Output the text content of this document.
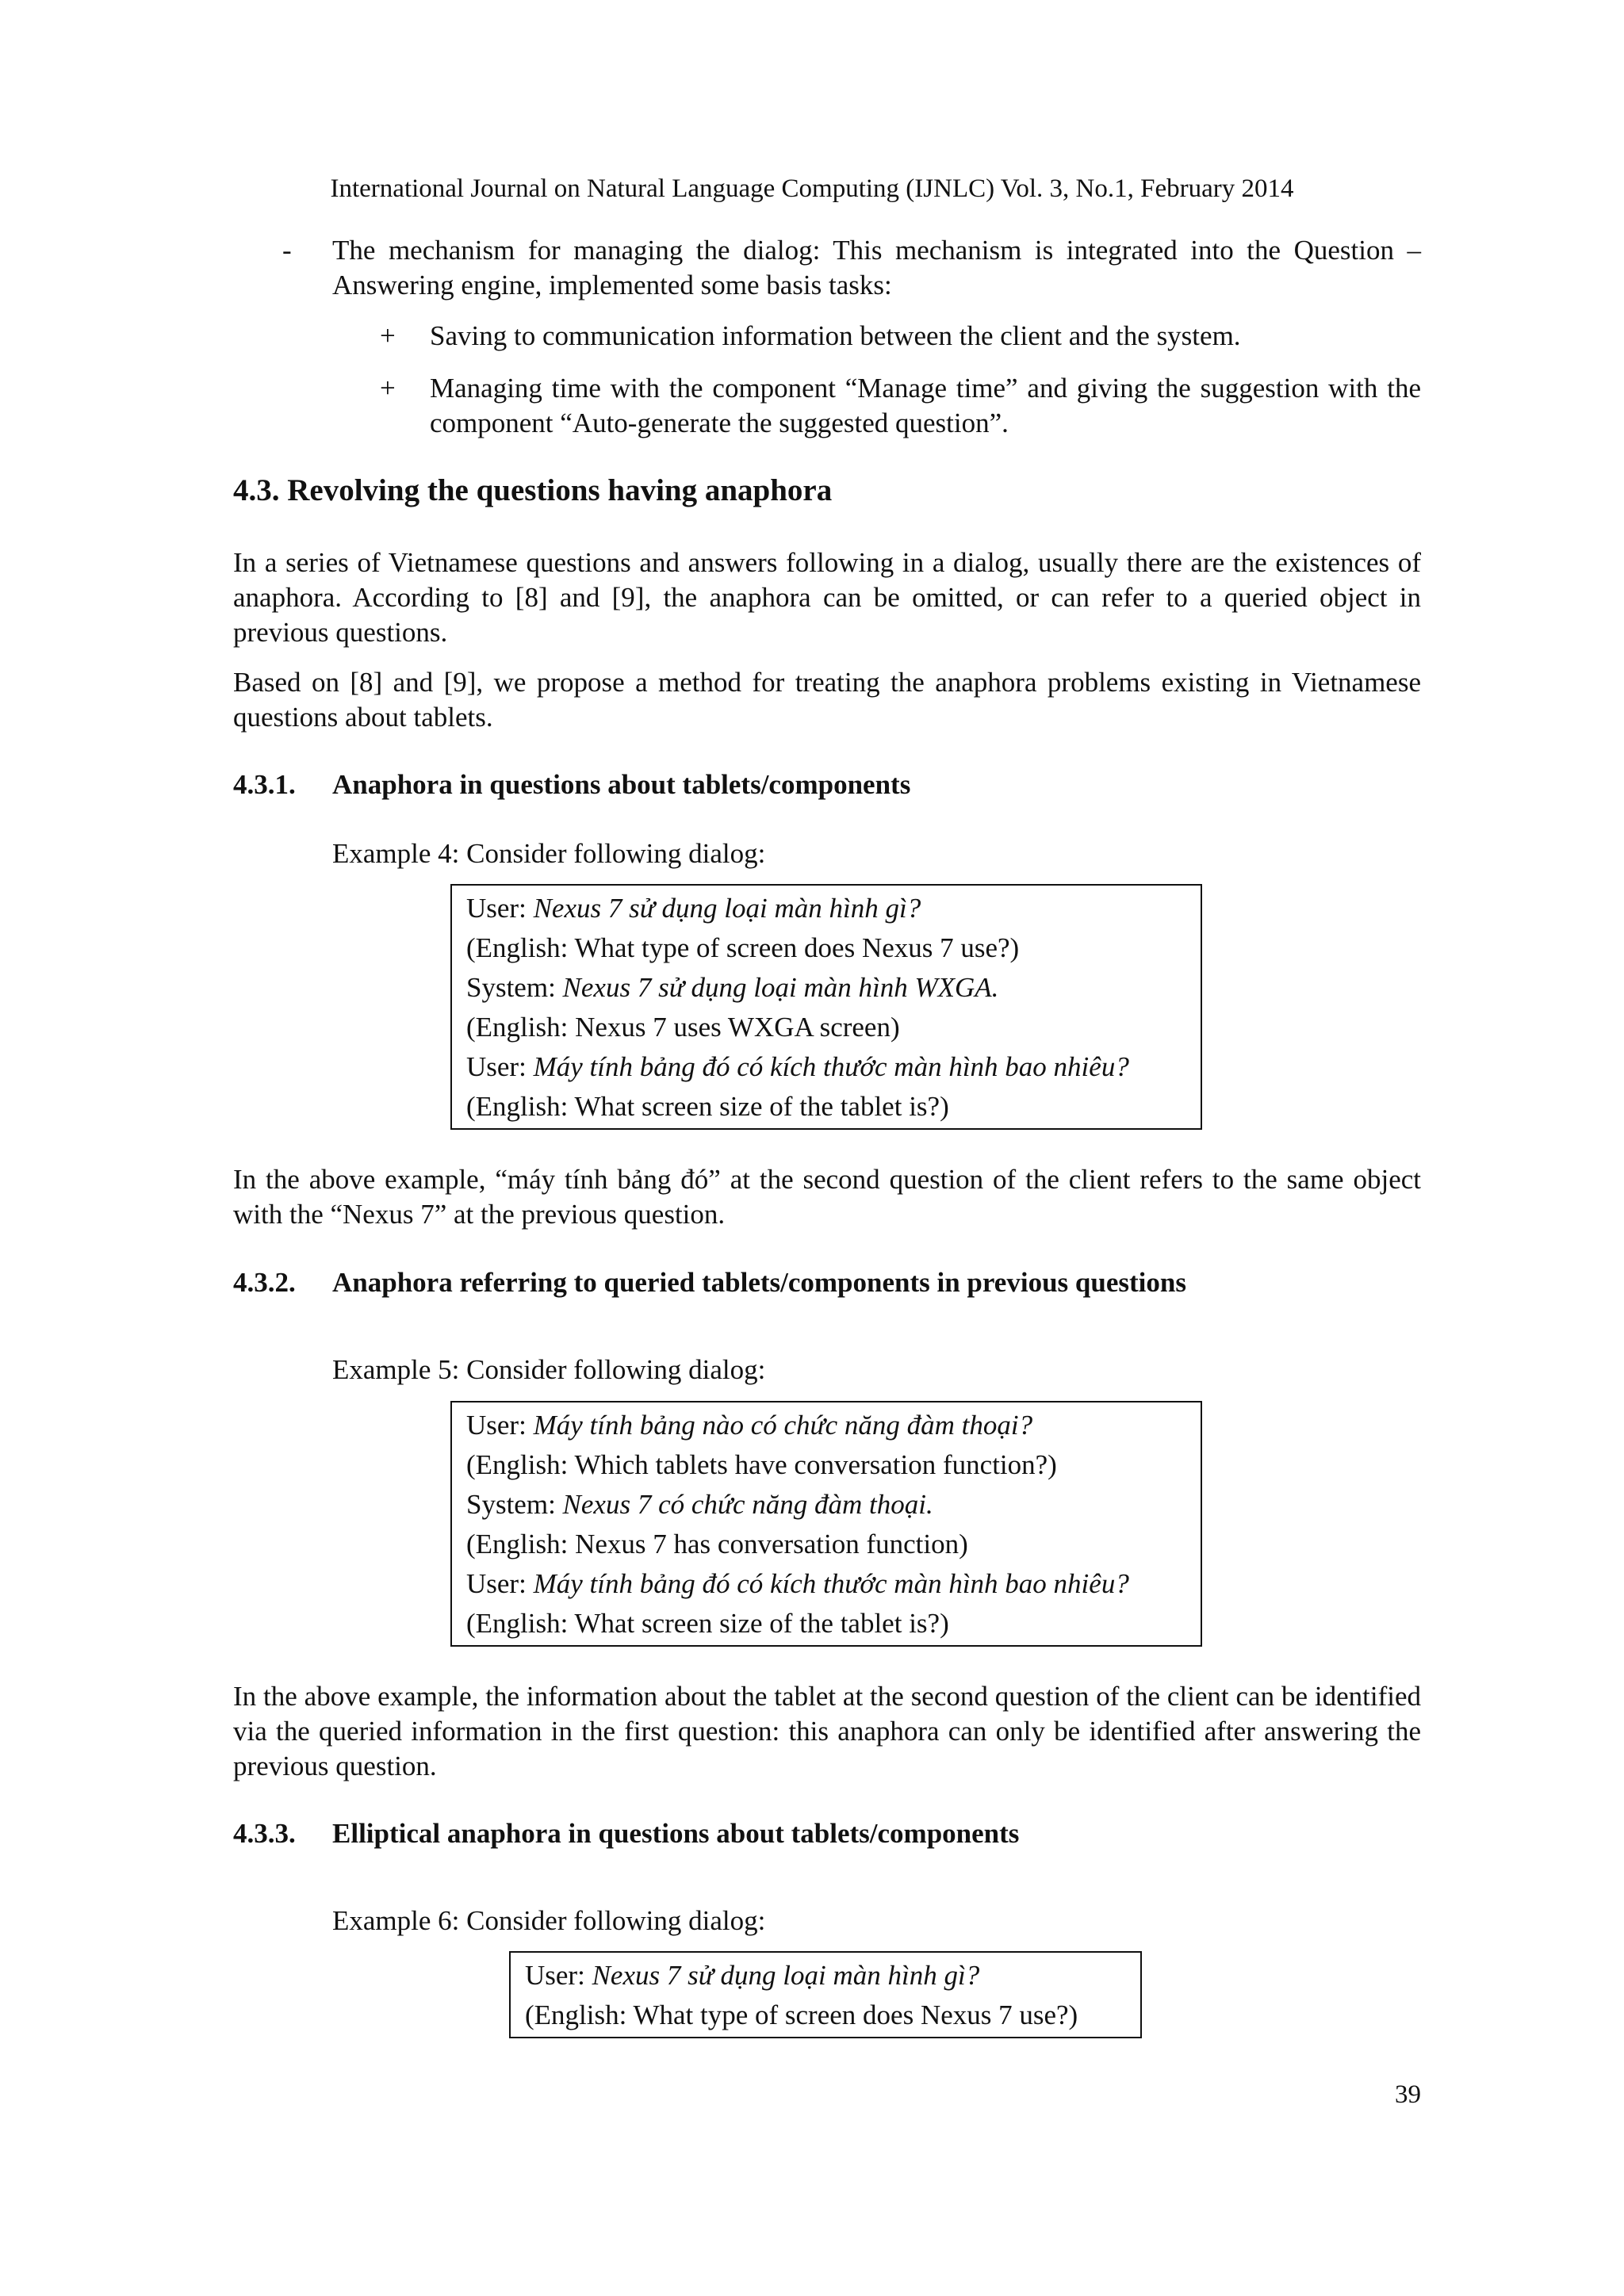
International Journal on Natural Language Computing (IJNLC) Vol. 3, No.1, February 2014
- The mechanism for managing the dialog: This mechanism is integrated into the Question – Answering engine, implemented some basis tasks:
+ Saving to communication information between the client and the system.
+ Managing time with the component “Manage time” and giving the suggestion with the component “Auto-generate the suggested question”.
4.3. Revolving the questions having anaphora
In a series of Vietnamese questions and answers following in a dialog, usually there are the existences of anaphora. According to [8] and [9], the anaphora can be omitted, or can refer to a queried object in previous questions.
Based on [8] and [9], we propose a method for treating the anaphora problems existing in Vietnamese questions about tablets.
4.3.1. Anaphora in questions about tablets/components
Example 4: Consider following dialog:
User: Nexus 7 sử dụng loại màn hình gì?
(English: What type of screen does Nexus 7 use?)
System: Nexus 7 sử dụng loại màn hình WXGA.
(English: Nexus 7 uses WXGA screen)
User: Máy tính bảng đó có kích thước màn hình bao nhiêu?
(English: What screen size of the tablet is?)
In the above example, “máy tính bảng đó” at the second question of the client refers to the same object with the “Nexus 7” at the previous question.
4.3.2. Anaphora referring to queried tablets/components in previous questions
Example 5: Consider following dialog:
User: Máy tính bảng nào có chức năng đàm thoại?
(English: Which tablets have conversation function?)
System: Nexus 7 có chức năng đàm thoại.
(English: Nexus 7 has conversation function)
User: Máy tính bảng đó có kích thước màn hình bao nhiêu?
(English: What screen size of the tablet is?)
In the above example, the information about the tablet at the second question of the client can be identified via the queried information in the first question: this anaphora can only be identified after answering the previous question.
4.3.3. Elliptical anaphora in questions about tablets/components
Example 6: Consider following dialog:
User: Nexus 7 sử dụng loại màn hình gì?
(English: What type of screen does Nexus 7 use?)
39
